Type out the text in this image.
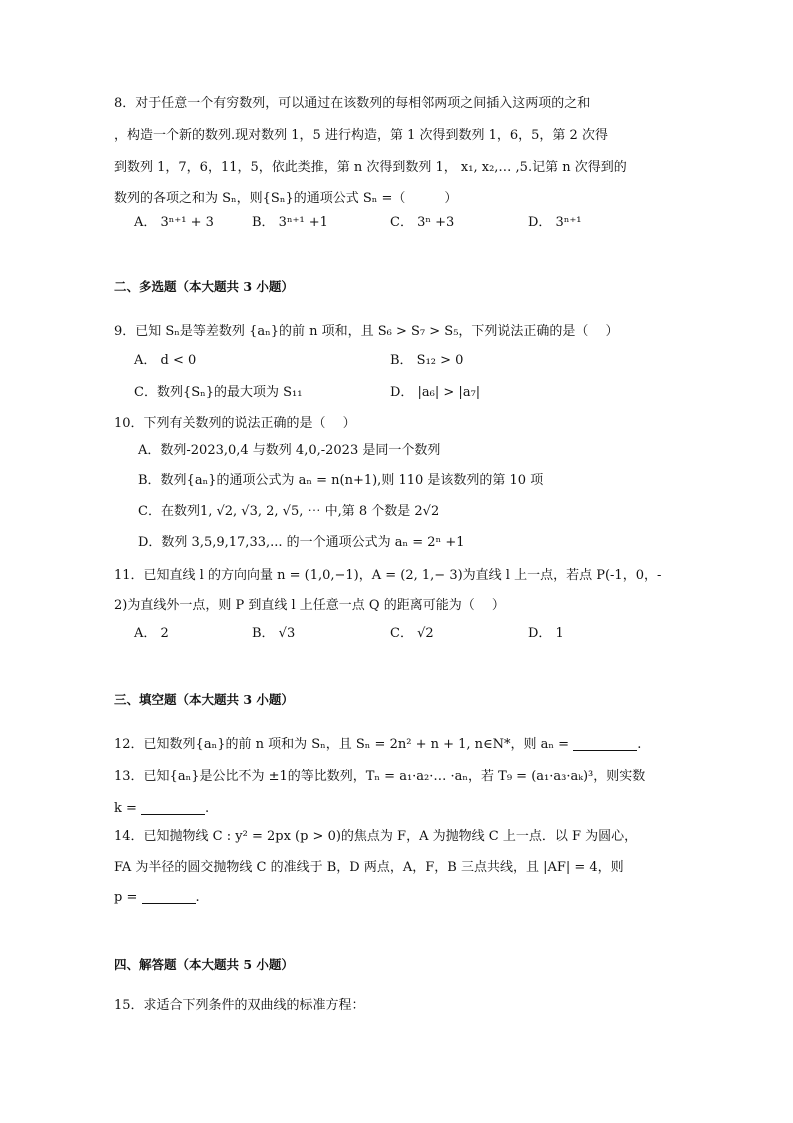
8．对于任意一个有穷数列，可以通过在该数列的每相邻两项之间插入这两项的之和
，构造一个新的数列.现对数列 1，5 进行构造，第 1 次得到数列 1，6，5，第 2 次得
到数列 1，7，6，11，5，依此类推，第 n 次得到数列 1， x₁, x₂,… ,5.记第 n 次得到的
数列的各项之和为 Sₙ，则{Sₙ}的通项公式 Sₙ =（　　　）
A． 3ⁿ⁺¹ + 3	B． 3ⁿ⁺¹ +1	C． 3ⁿ +3	D． 3ⁿ⁺¹
二、多选题（本大题共 3 小题）
9．已知 Sₙ是等差数列 {aₙ}的前 n 项和，且 S₆ > S₇ > S₅，下列说法正确的是（　 ）
A． d < 0	B． S₁₂ > 0
C．数列{Sₙ}的最大项为 S₁₁	D． |a₆| > |a₇|
10．下列有关数列的说法正确的是（　 ）
A．数列-2023,0,4 与数列 4,0,-2023 是同一个数列
B．数列{aₙ}的通项公式为 aₙ = n(n+1),则 110 是该数列的第 10 项
C．在数列1, √2, √3, 2, √5, ⋯ 中,第 8 个数是 2√2
D．数列 3,5,9,17,33,... 的一个通项公式为 aₙ = 2ⁿ +1
11．已知直线 l 的方向向量 n = (1,0,−1)，A = (2, 1,− 3)为直线 l 上一点，若点 P(-1，0，-
2)为直线外一点，则 P 到直线 l 上任意一点 Q 的距离可能为（　 ）
A． 2	B． √3	C． √2	D． 1
三、填空题（本大题共 3 小题）
12．已知数列{aₙ}的前 n 项和为 Sₙ，且 Sₙ = 2n² + n + 1, n∈N*，则 aₙ =	.
13．已知{aₙ}是公比不为 ±1的等比数列，Tₙ = a₁·a₂·… ·aₙ，若 T₉ = (a₁·a₃·aₖ)³，则实数
k =	.
14．已知抛物线 C : y² = 2px (p > 0)的焦点为 F，A 为抛物线 C 上一点．以 F 为圆心，
FA 为半径的圆交抛物线 C 的准线于 B，D 两点，A，F，B 三点共线，且 |AF| = 4，则
p =	.
四、解答题（本大题共 5 小题）
15．求适合下列条件的双曲线的标准方程：
